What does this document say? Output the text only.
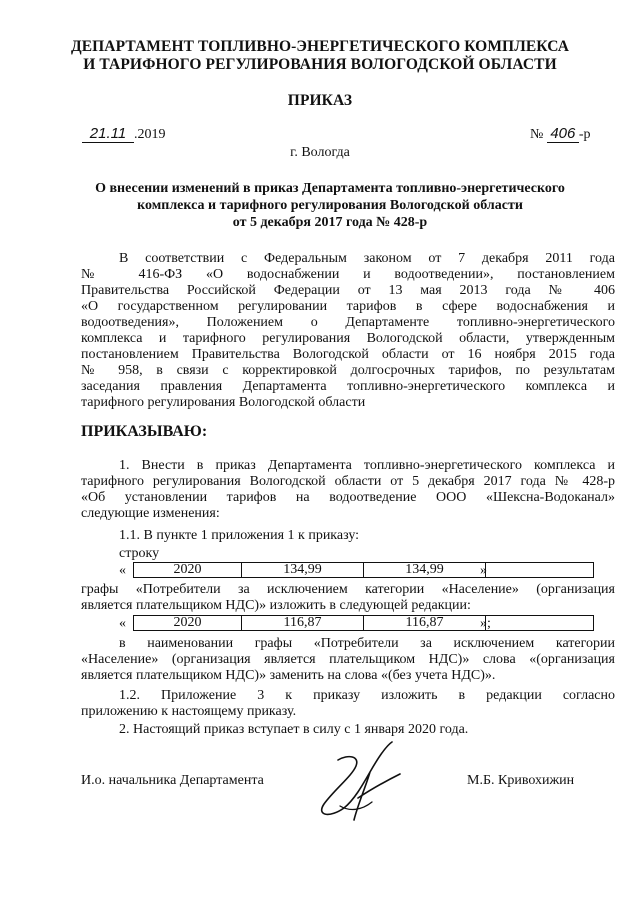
ДЕПАРТАМЕНТ ТОПЛИВНО-ЭНЕРГЕТИЧЕСКОГО КОМПЛЕКСА
И ТАРИФНОГО РЕГУЛИРОВАНИЯ ВОЛОГОДСКОЙ ОБЛАСТИ
ПРИКАЗ
21.11 .2019	№ 406 -р
г. Вологда
О внесении изменений в приказ Департамента топливно-энергетического
комплекса и тарифного регулирования Вологодской области
от 5 декабря 2017 года № 428-р
В соответствии с Федеральным законом от 7 декабря 2011 года
№ 416-ФЗ «О водоснабжении и водоотведении», постановлением
Правительства Российской Федерации от 13 мая 2013 года № 406
«О государственном регулировании тарифов в сфере водоснабжения и
водоотведения», Положением о Департаменте топливно-энергетического
комплекса и тарифного регулирования Вологодской области, утвержденным
постановлением Правительства Вологодской области от 16 ноября 2015 года
№ 958, в связи с корректировкой долгосрочных тарифов, по результатам
заседания правления Департамента топливно-энергетического комплекса и
тарифного регулирования Вологодской области
ПРИКАЗЫВАЮ:
1. Внести в приказ Департамента топливно-энергетического комплекса и
тарифного регулирования Вологодской области от 5 декабря 2017 года № 428-р
«Об установлении тарифов на водоотведение ООО «Шексна-Водоканал»
следующие изменения:
1.1. В пункте 1 приложения 1 к приказу:
строку
«	2020	134,99	134,99		»
графы «Потребители за исключением категории «Население» (организация
является плательщиком НДС)» изложить в следующей редакции:
«	2020	116,87	116,87		»;
в наименовании графы «Потребители за исключением категории
«Население» (организация является плательщиком НДС)» слова «(организация
является плательщиком НДС)» заменить на слова «(без учета НДС)».
1.2. Приложение 3 к приказу изложить в редакции согласно
приложению к настоящему приказу.
2. Настоящий приказ вступает в силу с 1 января 2020 года.
И.о. начальника Департамента	М.Б. Кривохижин
